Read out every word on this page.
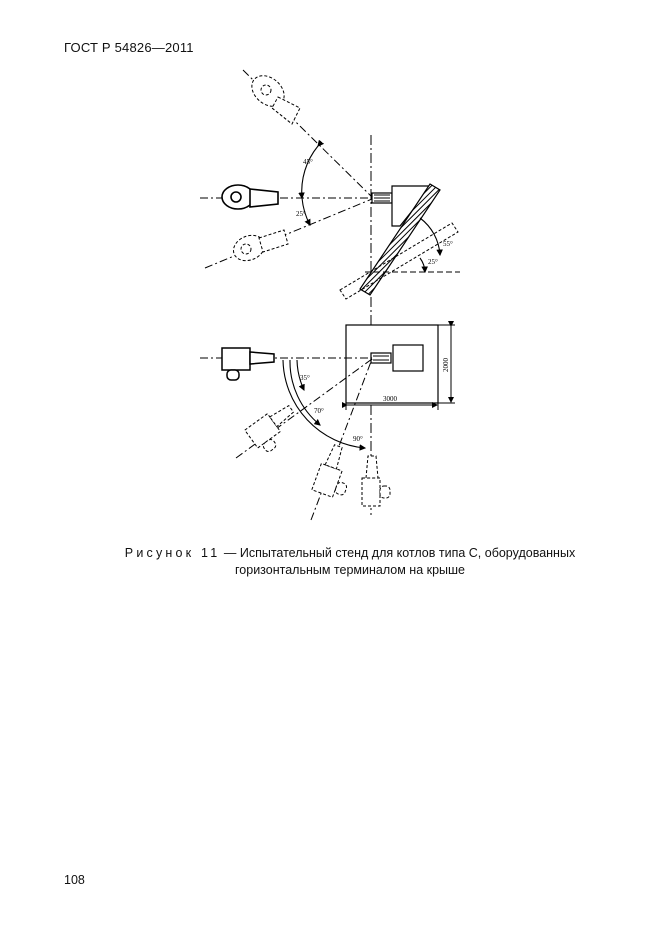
ГОСТ Р 54826—2011
45°
25°
55°
25°
3000
2000
35°
70°
90°
Рисунок 11 — Испытательный стенд для котлов типа С, оборудованных
горизонтальным терминалом на крыше
108
